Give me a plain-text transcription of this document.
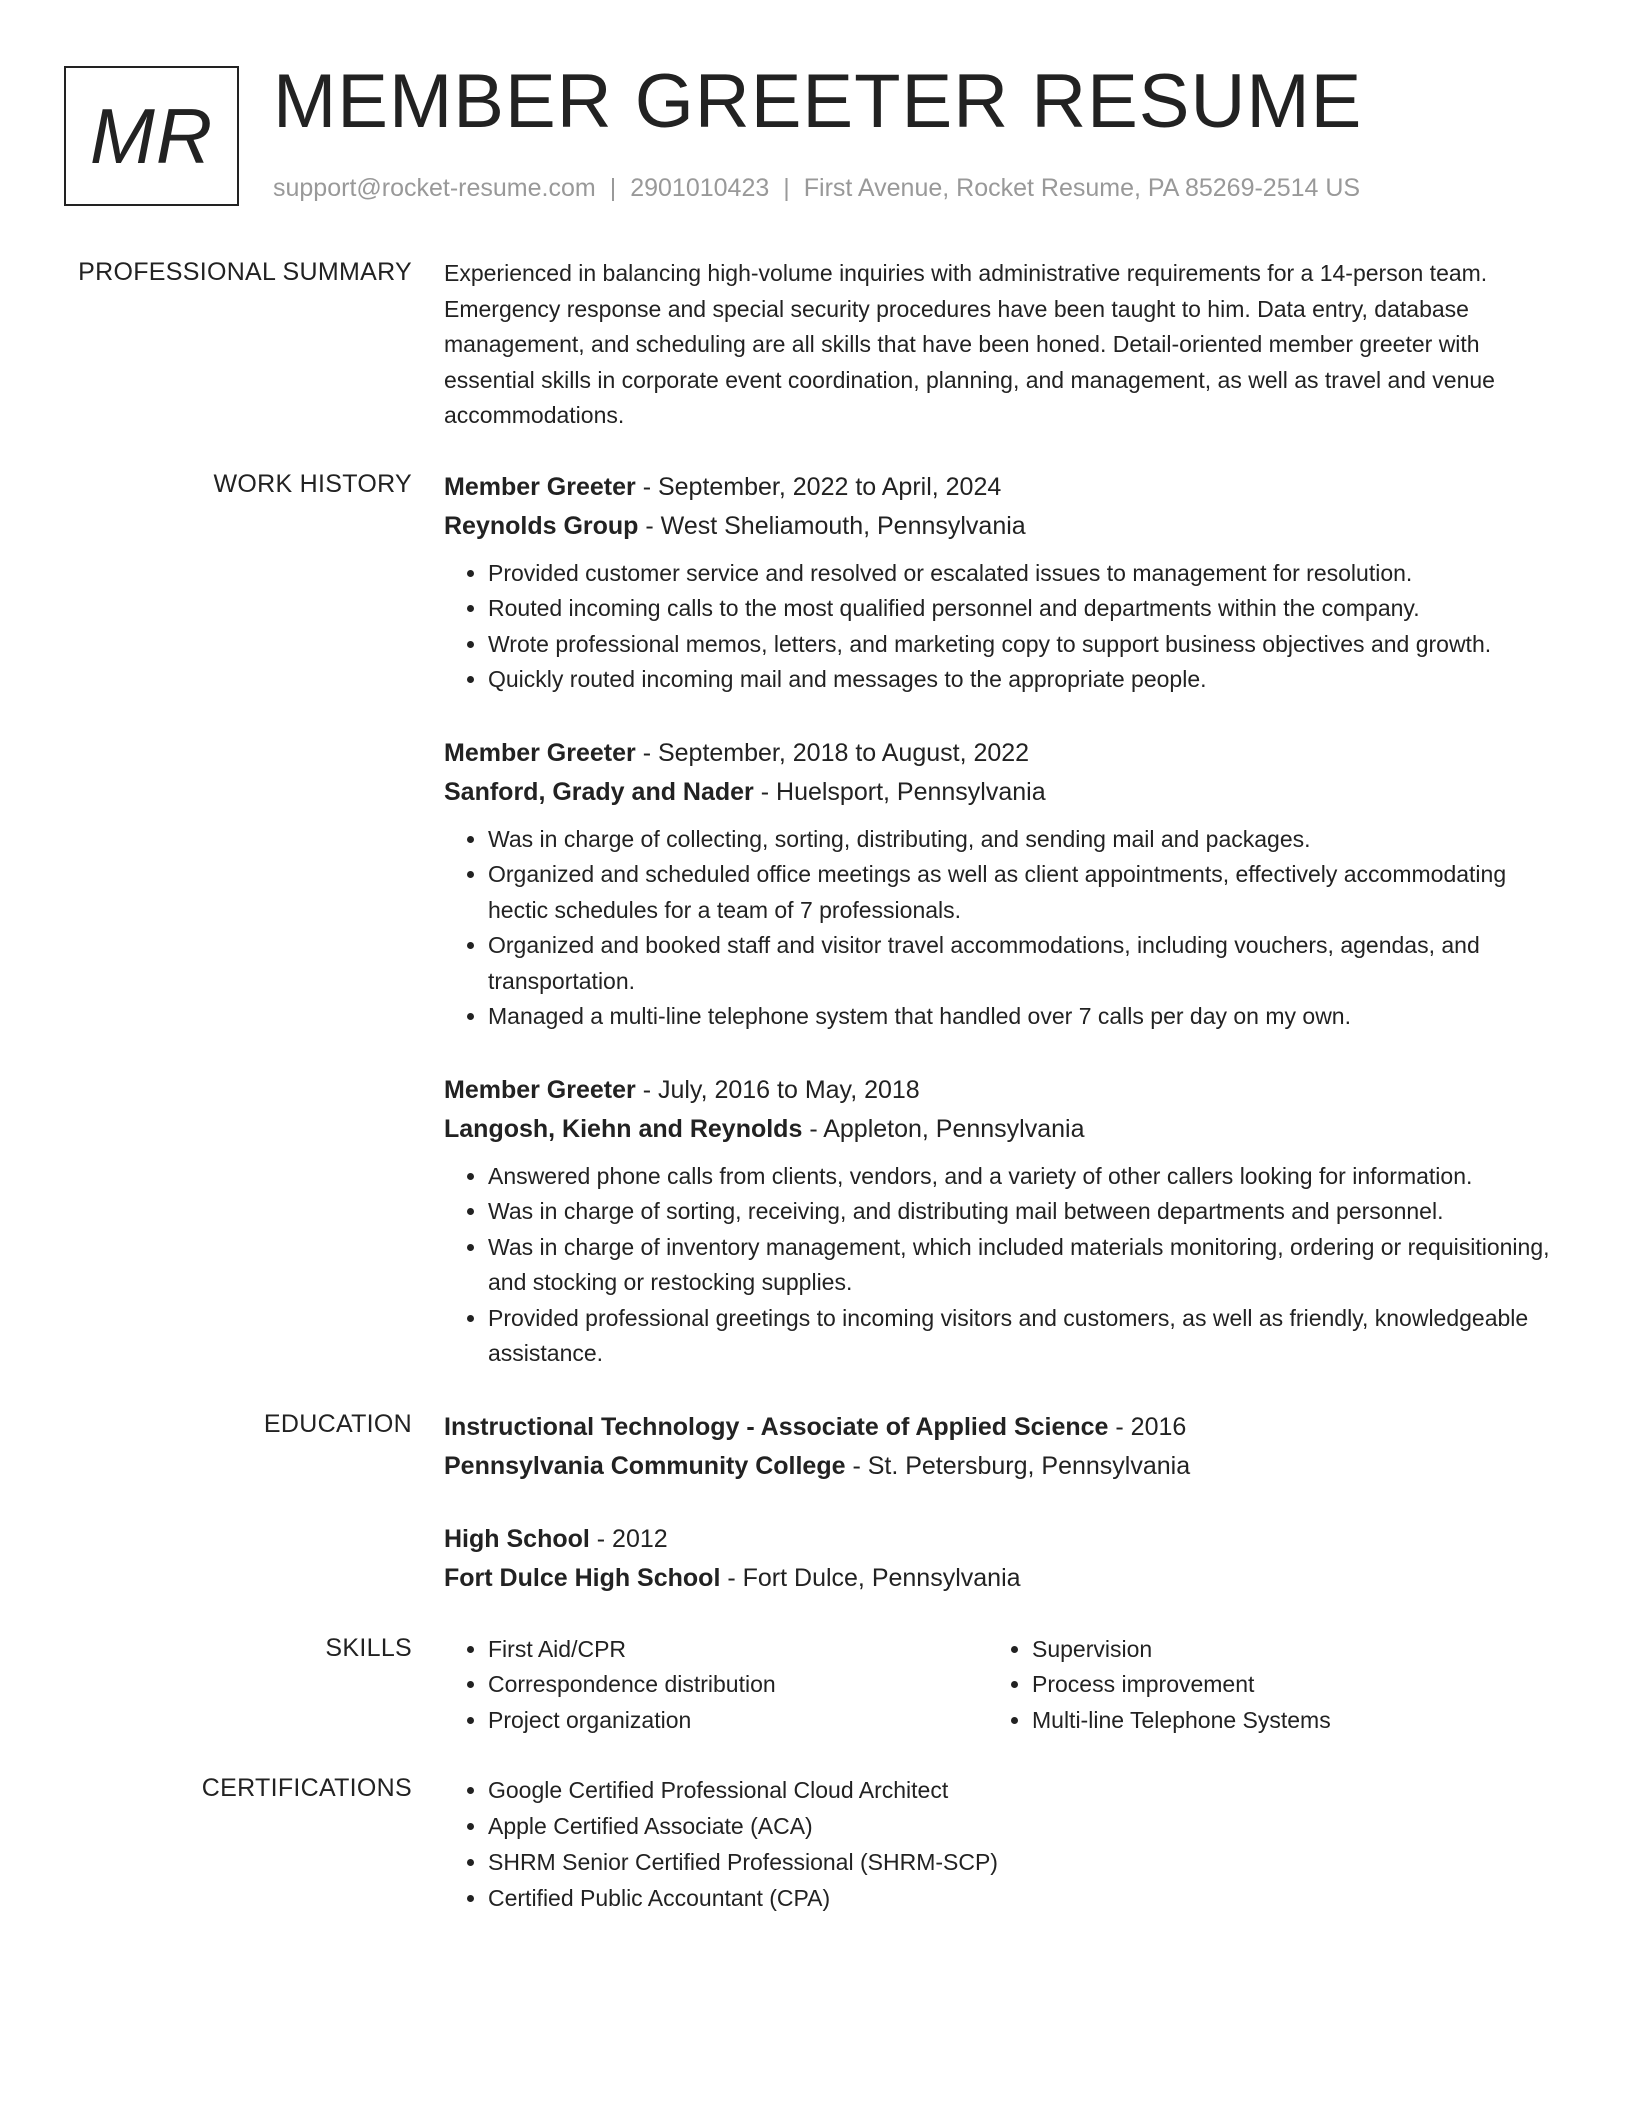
MR MEMBER GREETER RESUME
support@rocket-resume.com | 2901010423 | First Avenue, Rocket Resume, PA 85269-2514 US
PROFESSIONAL SUMMARY Experienced in balancing high-volume inquiries with administrative requirements for a 14-person team. Emergency response and special security procedures have been taught to him. Data entry, database management, and scheduling are all skills that have been honed. Detail-oriented member greeter with essential skills in corporate event coordination, planning, and management, as well as travel and venue accommodations.

WORK HISTORY Member Greeter - September, 2022 to April, 2024
Reynolds Group - West Sheliamouth, Pennsylvania
• Provided customer service and resolved or escalated issues to management for resolution.
• Routed incoming calls to the most qualified personnel and departments within the company.
• Wrote professional memos, letters, and marketing copy to support business objectives and growth.
• Quickly routed incoming mail and messages to the appropriate people.
Member Greeter - September, 2018 to August, 2022
Sanford, Grady and Nader - Huelsport, Pennsylvania
• Was in charge of collecting, sorting, distributing, and sending mail and packages.
• Organized and scheduled office meetings as well as client appointments, effectively accommodating hectic schedules for a team of 7 professionals.
• Organized and booked staff and visitor travel accommodations, including vouchers, agendas, and transportation.
• Managed a multi-line telephone system that handled over 7 calls per day on my own.
Member Greeter - July, 2016 to May, 2018
Langosh, Kiehn and Reynolds - Appleton, Pennsylvania
• Answered phone calls from clients, vendors, and a variety of other callers looking for information.
• Was in charge of sorting, receiving, and distributing mail between departments and personnel.
• Was in charge of inventory management, which included materials monitoring, ordering or requisitioning, and stocking or restocking supplies.
• Provided professional greetings to incoming visitors and customers, as well as friendly, knowledgeable assistance.
EDUCATION Instructional Technology - Associate of Applied Science - 2016
Pennsylvania Community College - St. Petersburg, Pennsylvania
High School - 2012
Fort Dulce High School - Fort Dulce, Pennsylvania
SKILLS	• First Aid/CPR
• Correspondence distribution
• Project organization
• Supervision
• Process improvement
• Multi-line Telephone Systems
CERTIFICATIONS	• Google Certified Professional Cloud Architect
• Apple Certified Associate (ACA)
• SHRM Senior Certified Professional (SHRM-SCP)
• Certified Public Accountant (CPA)
